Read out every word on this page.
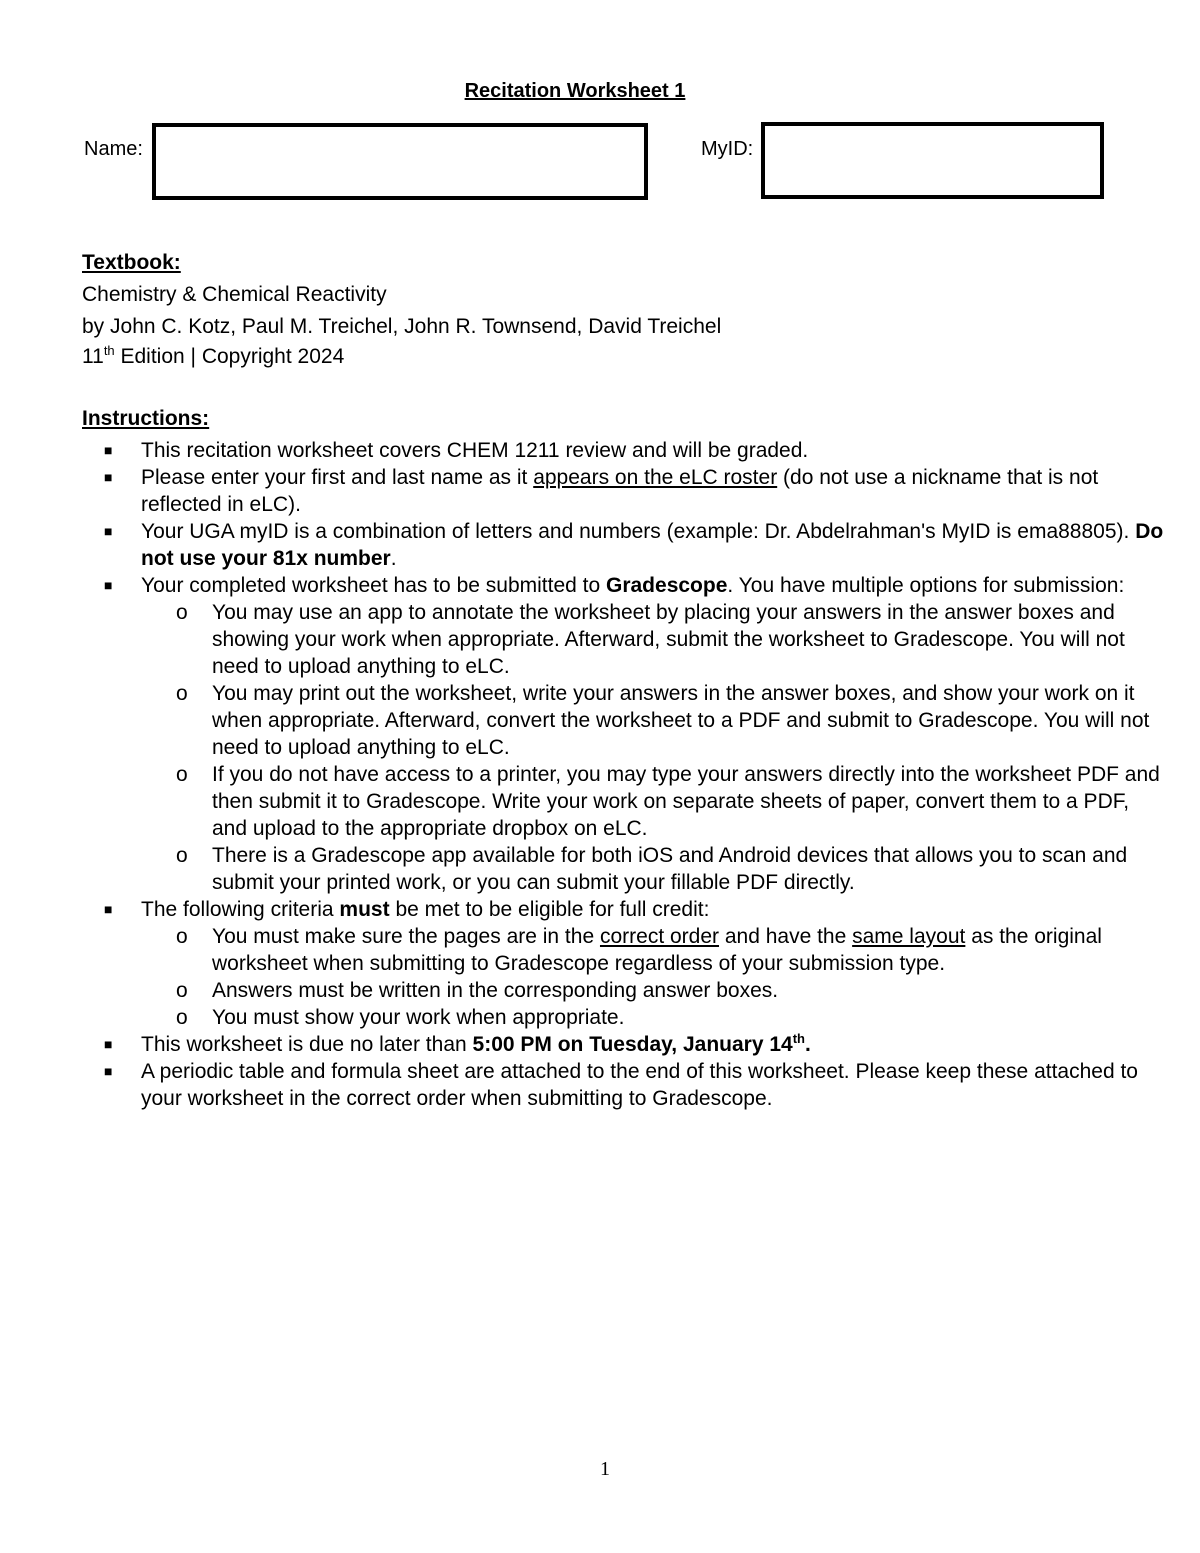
Recitation Worksheet 1
Name:	MyID:
Textbook:
Chemistry & Chemical Reactivity
by John C. Kotz, Paul M. Treichel, John R. Townsend, David Treichel
11th Edition | Copyright 2024
Instructions:
■	This recitation worksheet covers CHEM 1211 review and will be graded.
■	Please enter your first and last name as it appears on the eLC roster (do not use a nickname that is not reflected in eLC).
■	Your UGA myID is a combination of letters and numbers (example: Dr. Abdelrahman's MyID is ema88805). Do not use your 81x number.
■	Your completed worksheet has to be submitted to Gradescope. You have multiple options for submission:
o You may use an app to annotate the worksheet by placing your answers in the answer boxes and showing your work when appropriate. Afterward, submit the worksheet to Gradescope. You will not need to upload anything to eLC.
o You may print out the worksheet, write your answers in the answer boxes, and show your work on it when appropriate. Afterward, convert the worksheet to a PDF and submit to Gradescope. You will not need to upload anything to eLC.
o If you do not have access to a printer, you may type your answers directly into the worksheet PDF and then submit it to Gradescope. Write your work on separate sheets of paper, convert them to a PDF, and upload to the appropriate dropbox on eLC.
o There is a Gradescope app available for both iOS and Android devices that allows you to scan and submit your printed work, or you can submit your fillable PDF directly.
■	The following criteria must be met to be eligible for full credit:
o You must make sure the pages are in the correct order and have the same layout as the original worksheet when submitting to Gradescope regardless of your submission type.
o Answers must be written in the corresponding answer boxes.
o You must show your work when appropriate.
■	This worksheet is due no later than 5:00 PM on Tuesday, January 14th.
■	A periodic table and formula sheet are attached to the end of this worksheet. Please keep these attached to your worksheet in the correct order when submitting to Gradescope.
1
